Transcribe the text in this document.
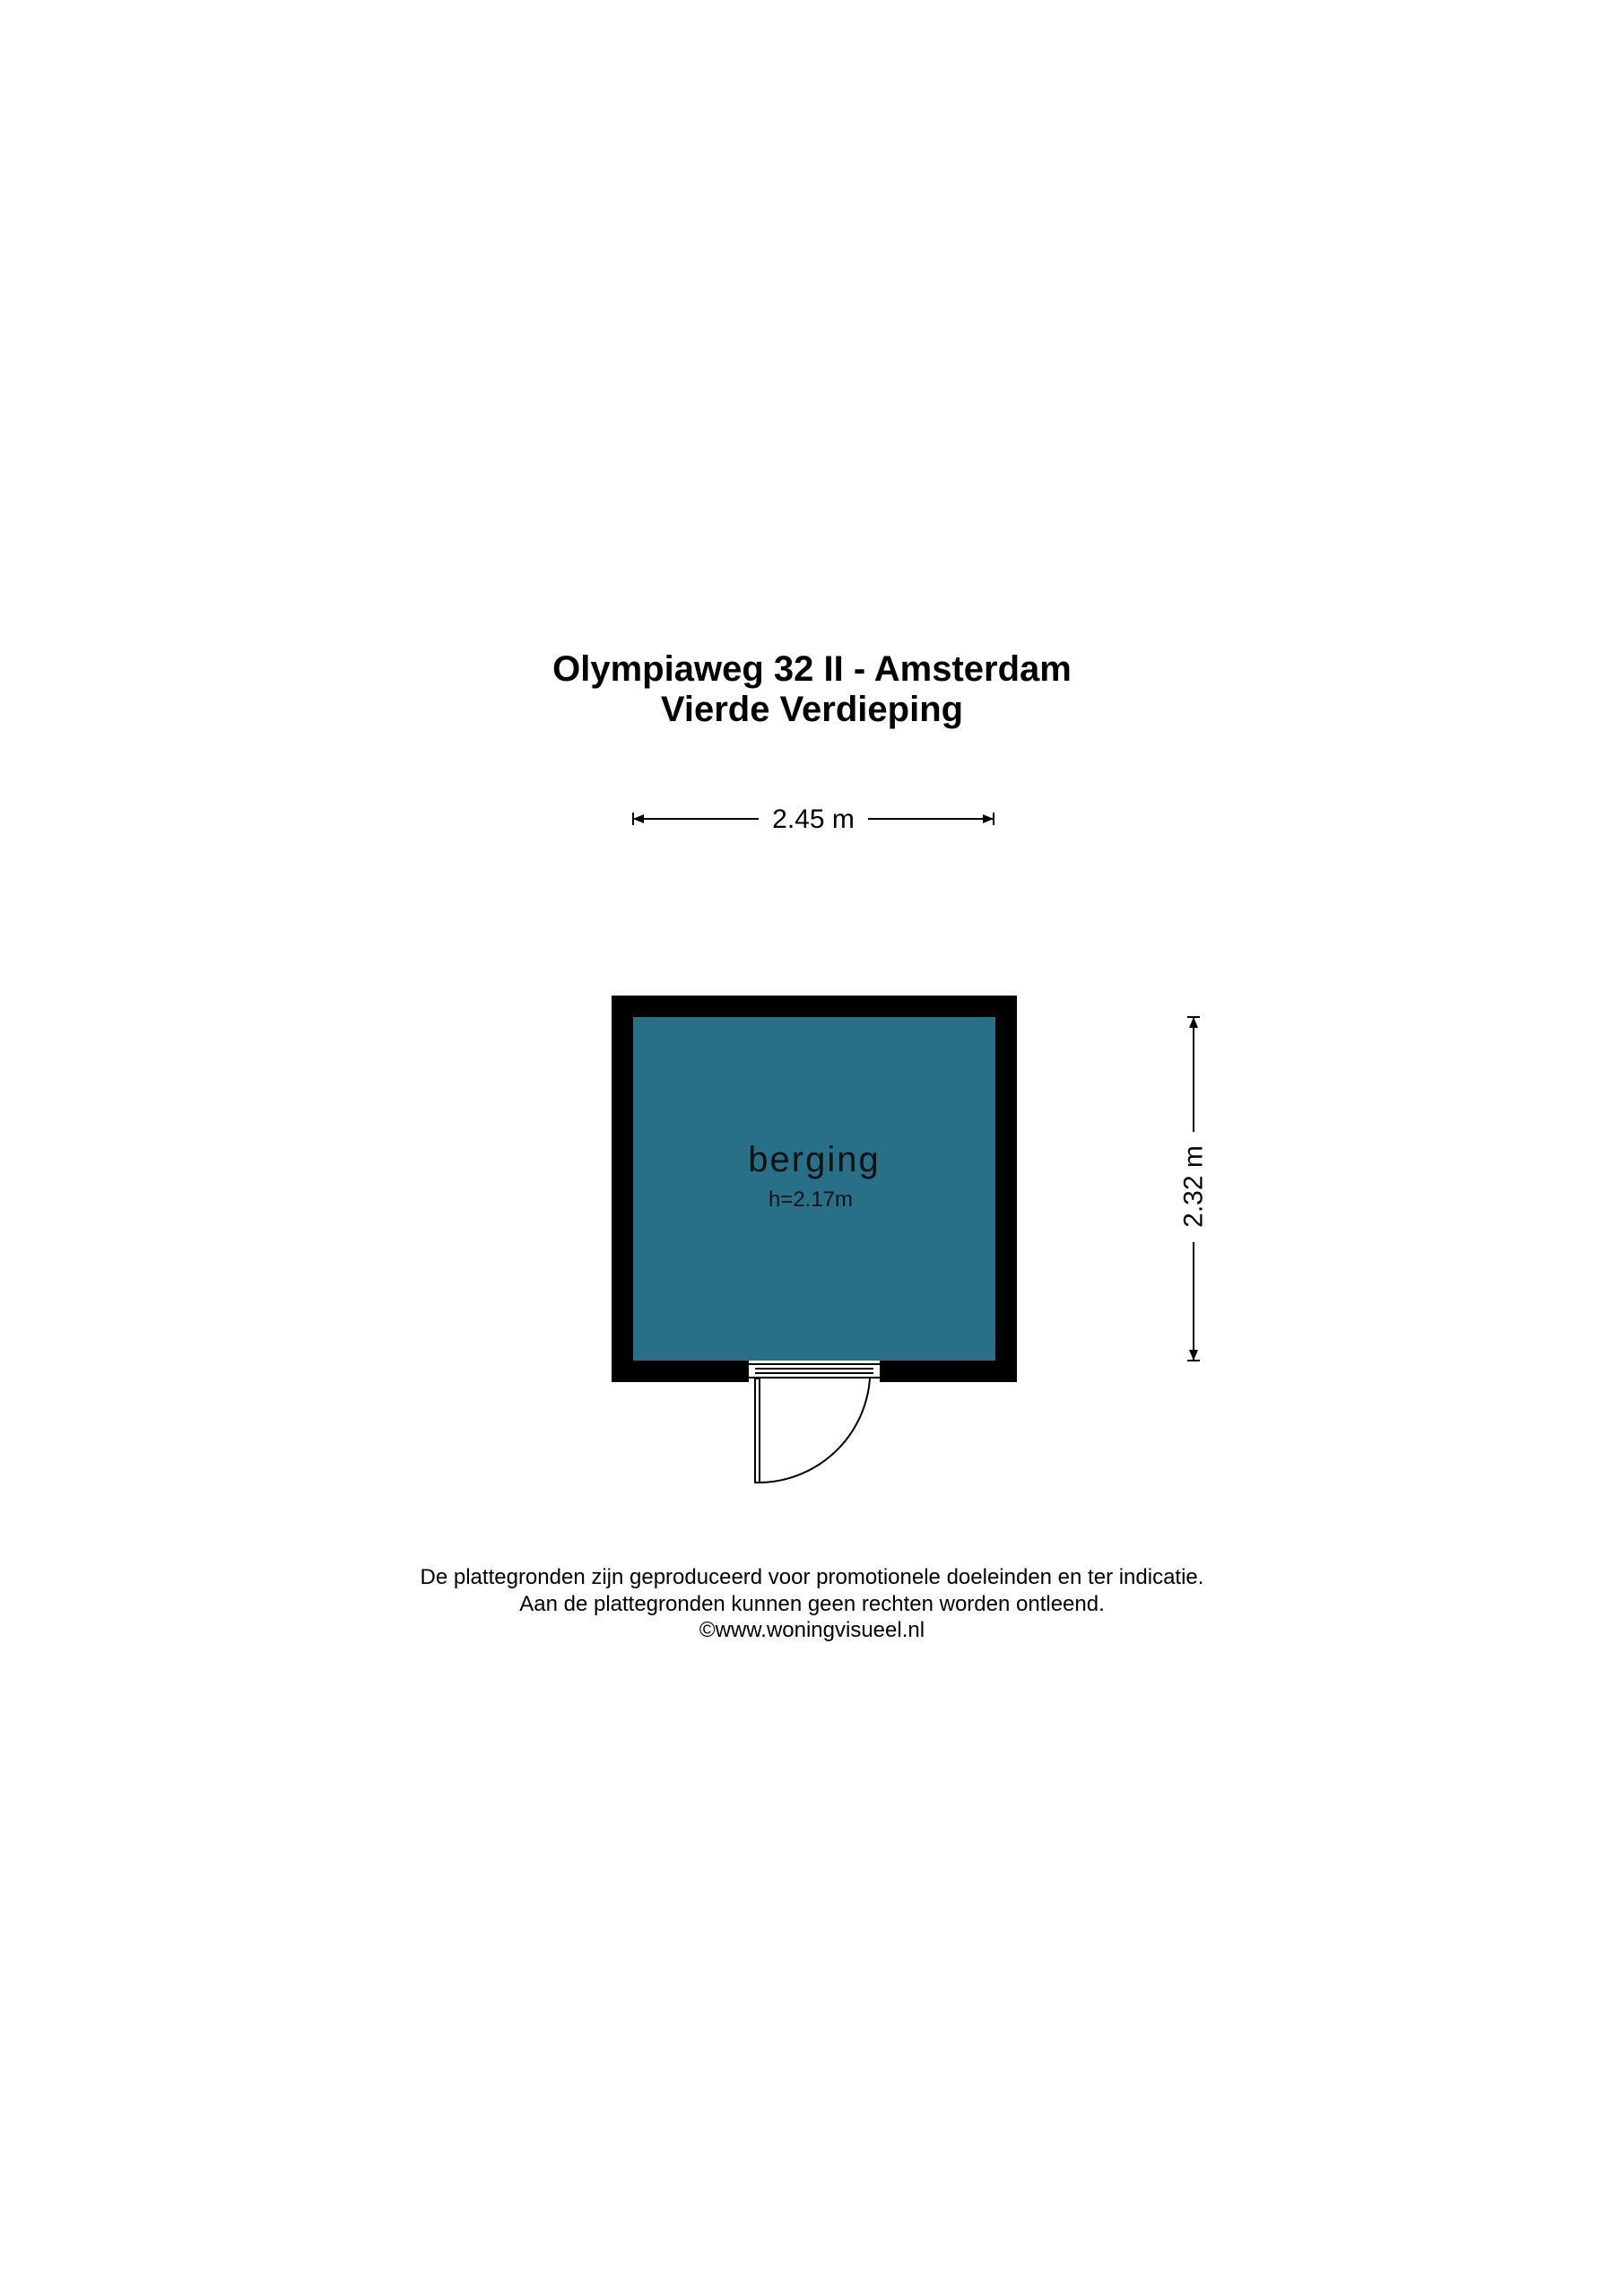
Olympiaweg 32 II - Amsterdam
Vierde Verdieping
2.45 m
berging
h=2.17m	2.32 m
De plattegronden zijn geproduceerd voor promotionele doeleinden en ter indicatie.
Aan de plattegronden kunnen geen rechten worden ontleend.
©www.woningvisueel.nl
